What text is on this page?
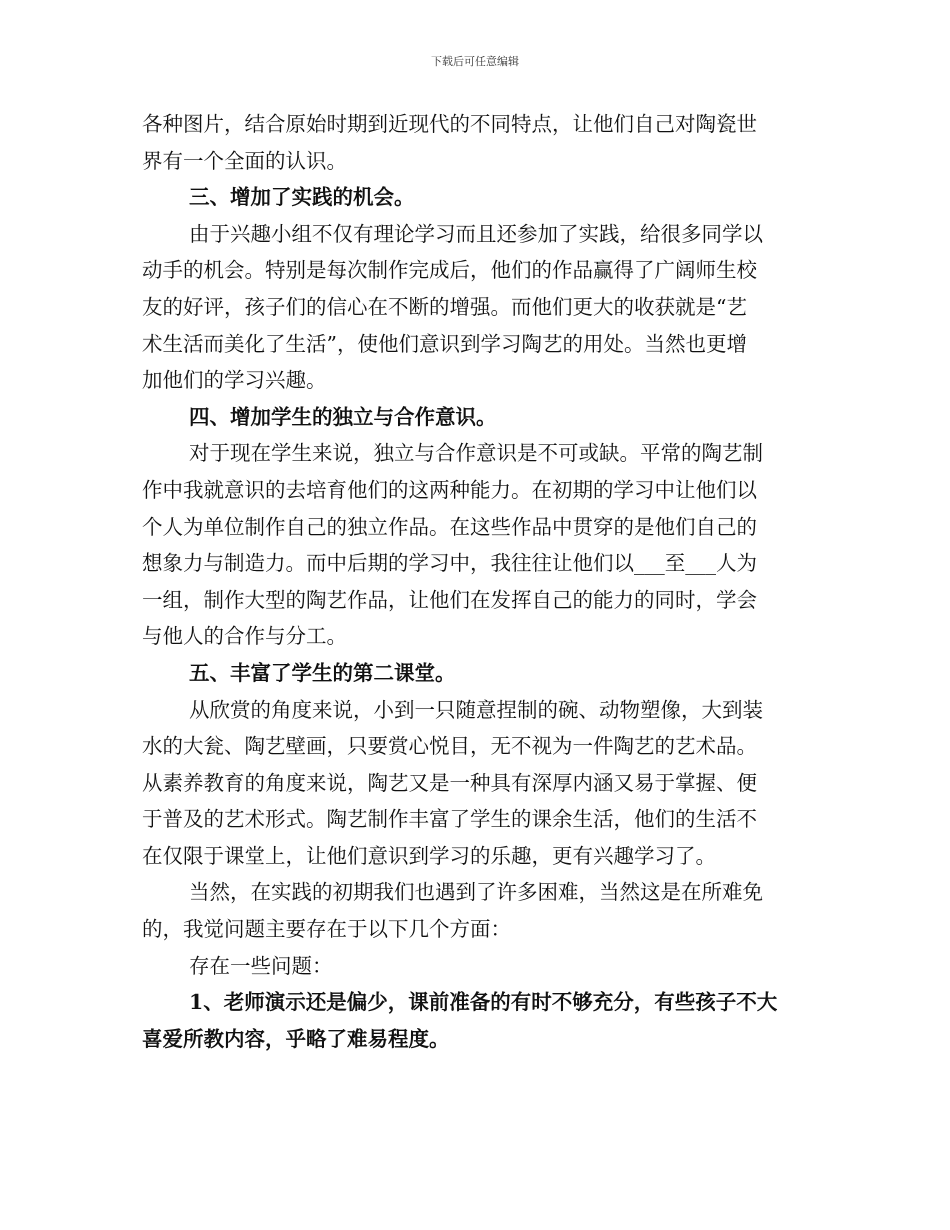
下载后可任意编辑
各种图片，结合原始时期到近现代的不同特点，让他们自己对陶瓷世
界有一个全面的认识。
三、增加了实践的机会。
由于兴趣小组不仅有理论学习而且还参加了实践，给很多同学以
动手的机会。特别是每次制作完成后，他们的作品赢得了广阔师生校
友的好评，孩子们的信心在不断的增强。而他们更大的收获就是“艺
术生活而美化了生活”，使他们意识到学习陶艺的用处。当然也更增
加他们的学习兴趣。
四、增加学生的独立与合作意识。
对于现在学生来说，独立与合作意识是不可或缺。平常的陶艺制
作中我就意识的去培育他们的这两种能力。在初期的学习中让他们以
个人为单位制作自己的独立作品。在这些作品中贯穿的是他们自己的
想象力与制造力。而中后期的学习中，我往往让他们以___至___人为
一组，制作大型的陶艺作品，让他们在发挥自己的能力的同时，学会
与他人的合作与分工。
五、丰富了学生的第二课堂。
从欣赏的角度来说，小到一只随意捏制的碗、动物塑像，大到装
水的大瓮、陶艺壁画，只要赏心悦目，无不视为一件陶艺的艺术品。
从素养教育的角度来说，陶艺又是一种具有深厚内涵又易于掌握、便
于普及的艺术形式。陶艺制作丰富了学生的课余生活，他们的生活不
在仅限于课堂上，让他们意识到学习的乐趣，更有兴趣学习了。
当然，在实践的初期我们也遇到了许多困难，当然这是在所难免
的，我觉问题主要存在于以下几个方面：
存在一些问题：
1、老师演示还是偏少，课前准备的有时不够充分，有些孩子不大
喜爱所教内容，乎略了难易程度。
